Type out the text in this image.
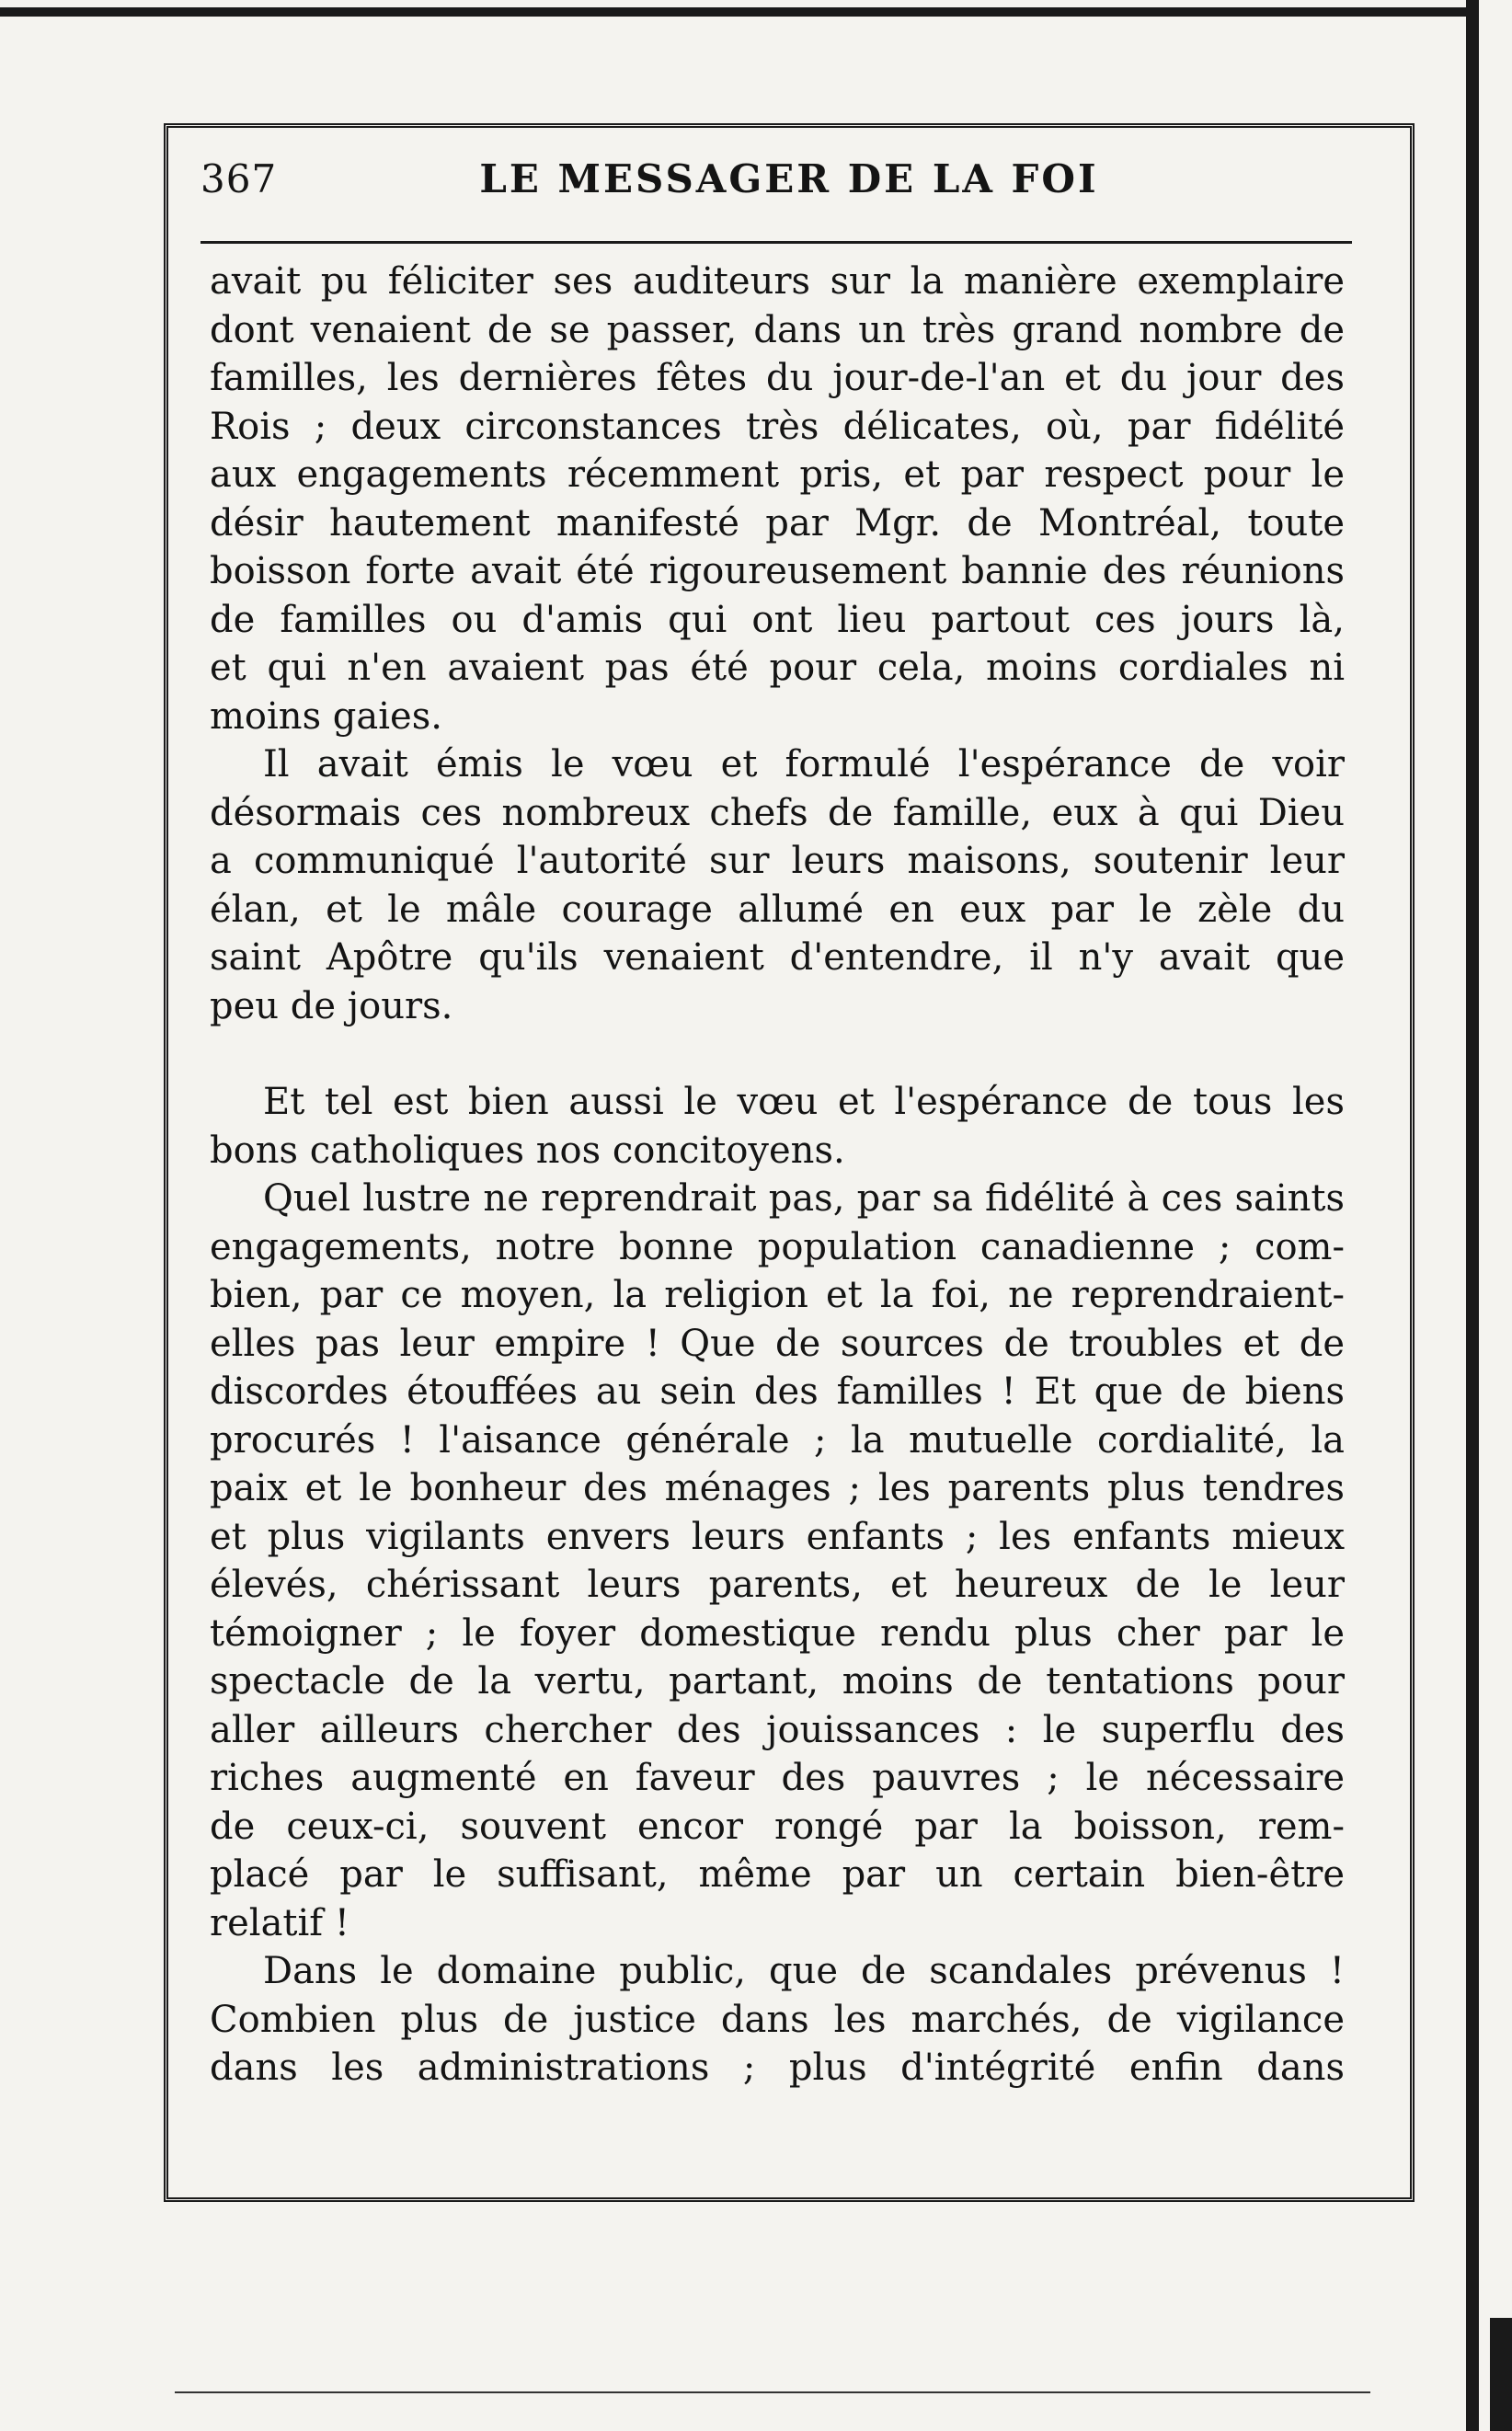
367	LE MESSAGER DE LA FOI
avait pu féliciter ses auditeurs sur la manière exemplaire
dont venaient de se passer, dans un très grand nombre de
familles, les dernières fêtes du jour-de-l'an et du jour des
Rois ; deux circonstances très délicates, où, par fidélité
aux engagements récemment pris, et par respect pour le
désir hautement manifesté par Mgr. de Montréal, toute
boisson forte avait été rigoureusement bannie des réunions
de familles ou d'amis qui ont lieu partout ces jours là,
et qui n'en avaient pas été pour cela, moins cordiales ni
moins gaies.
Il avait émis le vœu et formulé l'espérance de voir
désormais ces nombreux chefs de famille, eux à qui Dieu
a communiqué l'autorité sur leurs maisons, soutenir leur
élan, et le mâle courage allumé en eux par le zèle du
saint Apôtre qu'ils venaient d'entendre, il n'y avait que
peu de jours.
Et tel est bien aussi le vœu et l'espérance de tous les
bons catholiques nos concitoyens.
Quel lustre ne reprendrait pas, par sa fidélité à ces saints
engagements, notre bonne population canadienne ; com-
bien, par ce moyen, la religion et la foi, ne reprendraient-
elles pas leur empire ! Que de sources de troubles et de
discordes étouffées au sein des familles ! Et que de biens
procurés ! l'aisance générale ; la mutuelle cordialité, la
paix et le bonheur des ménages ; les parents plus tendres
et plus vigilants envers leurs enfants ; les enfants mieux
élevés, chérissant leurs parents, et heureux de le leur
témoigner ; le foyer domestique rendu plus cher par le
spectacle de la vertu, partant, moins de tentations pour
aller ailleurs chercher des jouissances : le superflu des
riches augmenté en faveur des pauvres ; le nécessaire
de ceux-ci, souvent encor rongé par la boisson, rem-
placé par le suffisant, même par un certain bien-être
relatif !
Dans le domaine public, que de scandales prévenus !
Combien plus de justice dans les marchés, de vigilance
dans les administrations ; plus d'intégrité enfin dans
